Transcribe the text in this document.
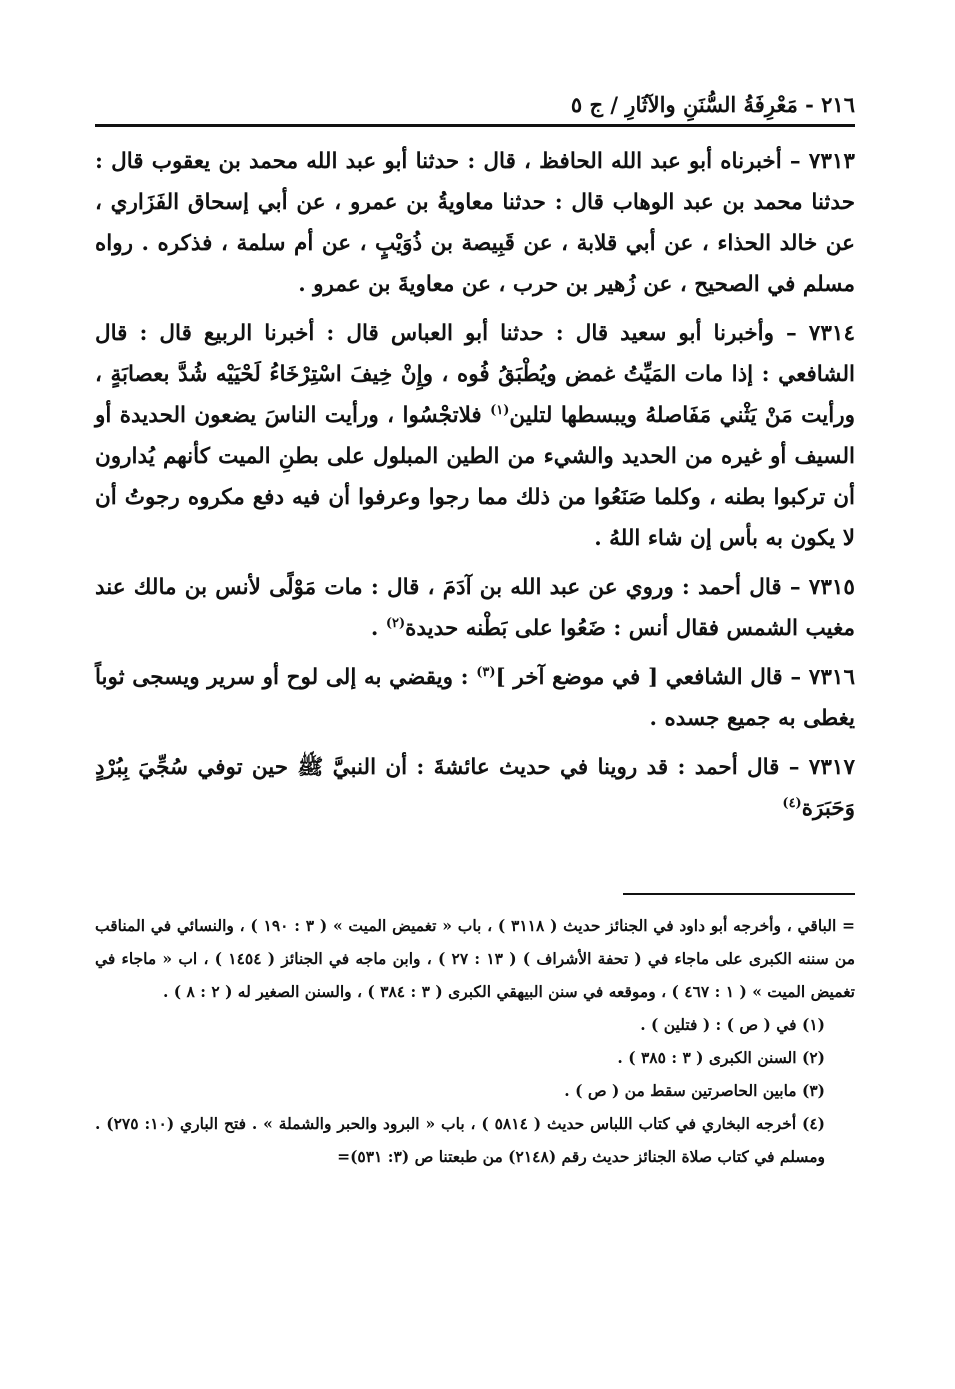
٢١٦

- مَعْرِفَةُ السُّنَنِ والآثَارِ / ج ٥

٧٣١٣ – أخبرناه أبو عبد الله الحافظ ، قال : حدثنا أبو عبد الله محمد بن يعقوب قال : حدثنا محمد بن عبد الوهاب قال : حدثنا معاويةُ بن عمرو ، عن أبي إسحاق الفَزَاري ، عن خالد الحذاء ، عن أبي قلابة ، عن قَبِيصة بن ذُوَيْبٍ ، عن أم سلمة ، فذكره . رواه مسلم في الصحيح ، عن زُهير بن حرب ، عن معاويةَ بن عمرو .

٧٣١٤ – وأخبرنا أبو سعيد قال : حدثنا أبو العباس قال : أخبرنا الربيع قال : قال الشافعي : إذا مات المَيِّتُ غمض ويُطْبَقُ فُوه ، وإِنْ خِيفَ اسْتِرْخَاءُ لَحْيَيْه شُدَّ بعصابَةٍ ، ورأيت مَنْ يَثْني مَفَاصلهُ ويبسطها لتلين$^{(١)}$ فلاتجْسُوا ، ورأيت الناسَ يضعون الحديدة أو السيف أو غيره من الحديد والشيء من الطين المبلول على بطنِ الميت كأنهم يُدارون أن تركبوا بطنه ، وكلما صَنَعُوا من ذلك مما رجوا وعرفوا أن فيه دفع مكروه رجوتُ أن لا يكون به بأس إن شاء اللهُ .

٧٣١٥ – قال أحمد : وروي عن عبد الله بن آدَمَ ، قال : مات مَوْلًى لأنس بن مالك عند مغيب الشمس فقال أنس : ضَعُوا على بَطْنه حديدة$^{(٢)}$ .

٧٣١٦ – قال الشافعي [ في موضع آخر ]$^{(٣)}$ : ويقضي به إلى لوح أو سرير ويسجى ثوباً يغطى به جميع جسده .

٧٣١٧ – قال أحمد : قد روينا في حديث عائشةَ : أن النبيَّ ﷺ حين توفي سُجِّيَ بِبُرْدٍ وَحَبَرَة$^{(٤)}$

= الباقي ، وأخرجه أبو داود في الجنائز حديث ( ٣١١٨ ) ، باب « تغميض الميت » ( ٣ : ١٩٠ ) ، والنسائي في المناقب من سننه الكبرى على ماجاء في ( تحفة الأشراف ) ( ١٣ : ٢٧ ) ، وابن ماجه في الجنائز ( ١٤٥٤ ) ، اب « ماجاء في تغميض الميت » ( ١ : ٤٦٧ ) ، وموقعه في سنن البيهقي الكبرى ( ٣ : ٣٨٤ ) ، والسنن الصغير له ( ٢ : ٨ ) .

(١) في ( ص ) : ( فتلين ) .

(٢) السنن الكبرى ( ٣ : ٣٨٥ ) .

(٣) مابين الحاصرتين سقط من ( ص ) .

(٤) أخرجه البخاري في كتاب اللباس حديث ( ٥٨١٤ ) ، باب « البرود والحبر والشملة » . فتح الباري (١٠: ٢٧٥) . ومسلم في كتاب صلاة الجنائز حديث رقم (٢١٤٨) من طبعتنا ص (٣: ٥٣١)=
